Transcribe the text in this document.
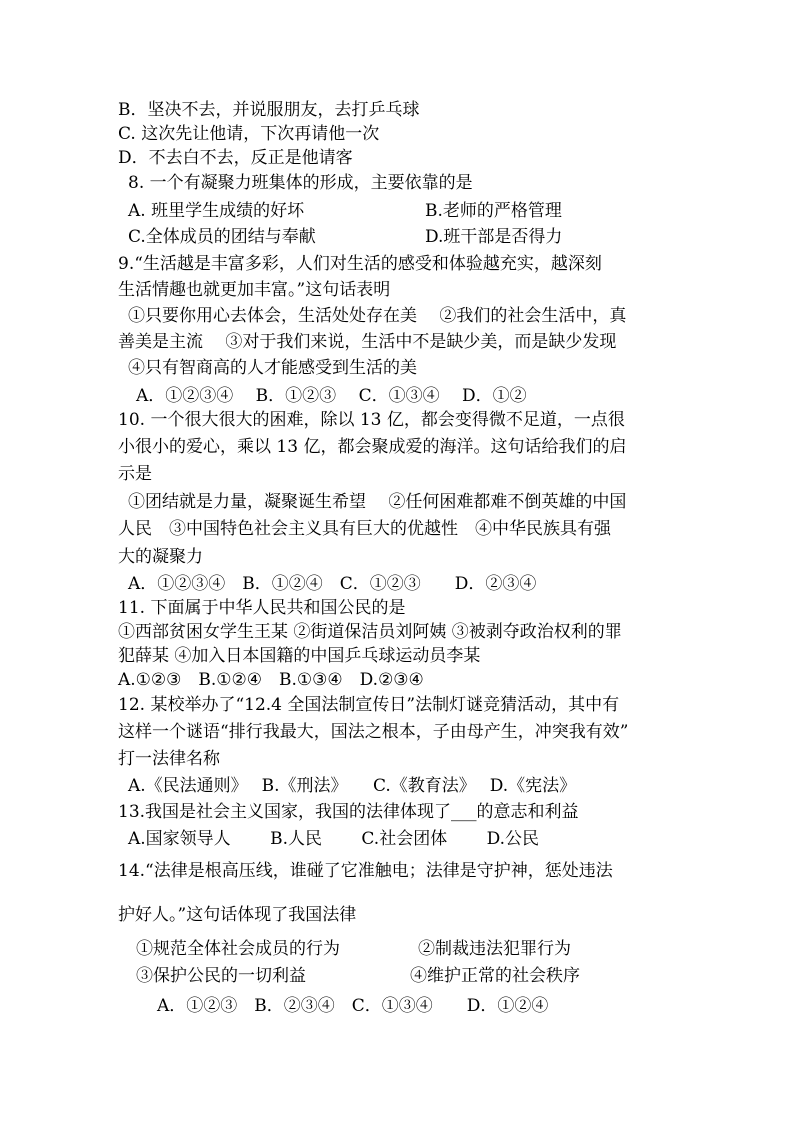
B．坚决不去，并说服朋友，去打乒乓球
C. 这次先让他请，下次再请他一次
D．不去白不去，反正是他请客
8. 一个有凝聚力班集体的形成，主要依靠的是
A. 班里学生成绩的好坏	B.老师的严格管理
C.全体成员的团结与奉献	D.班干部是否得力
9.“生活越是丰富多彩，人们对生活的感受和体验越充实，越深刻
生活情趣也就更加丰富。”这句话表明
①只要你用心去体会，生活处处存在美　 ②我们的社会生活中，真
善美是主流　 ③对于我们来说，生活中不是缺少美，而是缺少发现
④只有智商高的人才能感受到生活的美
A．①②③④　 B．①②③　 C．①③④　 D．①②
10. 一个很大很大的困难，除以 13 亿，都会变得微不足道，一点很
小很小的爱心，乘以 13 亿，都会聚成爱的海洋。这句话给我们的启
示是
①团结就是力量，凝聚诞生希望　 ②任何困难都难不倒英雄的中国
人民　③中国特色社会主义具有巨大的优越性　④中华民族具有强
大的凝聚力
A．①②③④　B．①②④　C．①②③　　D．②③④
11. 下面属于中华人民共和国公民的是
①西部贫困女学生王某 ②街道保洁员刘阿姨 ③被剥夺政治权利的罪
犯薛某 ④加入日本国籍的中国乒乓球运动员李某
A.①②③　B.①②④　B.①③④　D.②③④
12. 某校举办了“12.4 全国法制宣传日”法制灯谜竞猜活动，其中有
这样一个谜语“排行我最大，国法之根本，子由母产生，冲突我有效”
打一法律名称
A.《民法通则》　 B.《刑法》　　C.《教育法》　 D.《宪法》
13.我国是社会主义国家，我国的法律体现了___的意志和利益
A.国家领导人　　 B.人民　　 C.社会团体　　 D.公民
14.“法律是根高压线，谁碰了它准触电；法律是守护神，惩处违法
护好人。”这句话体现了我国法律
①规范全体社会成员的行为	②制裁违法犯罪行为
③保护公民的一切利益	④维护正常的社会秩序
A．①②③　B．②③④　C．①③④　　D．①②④
